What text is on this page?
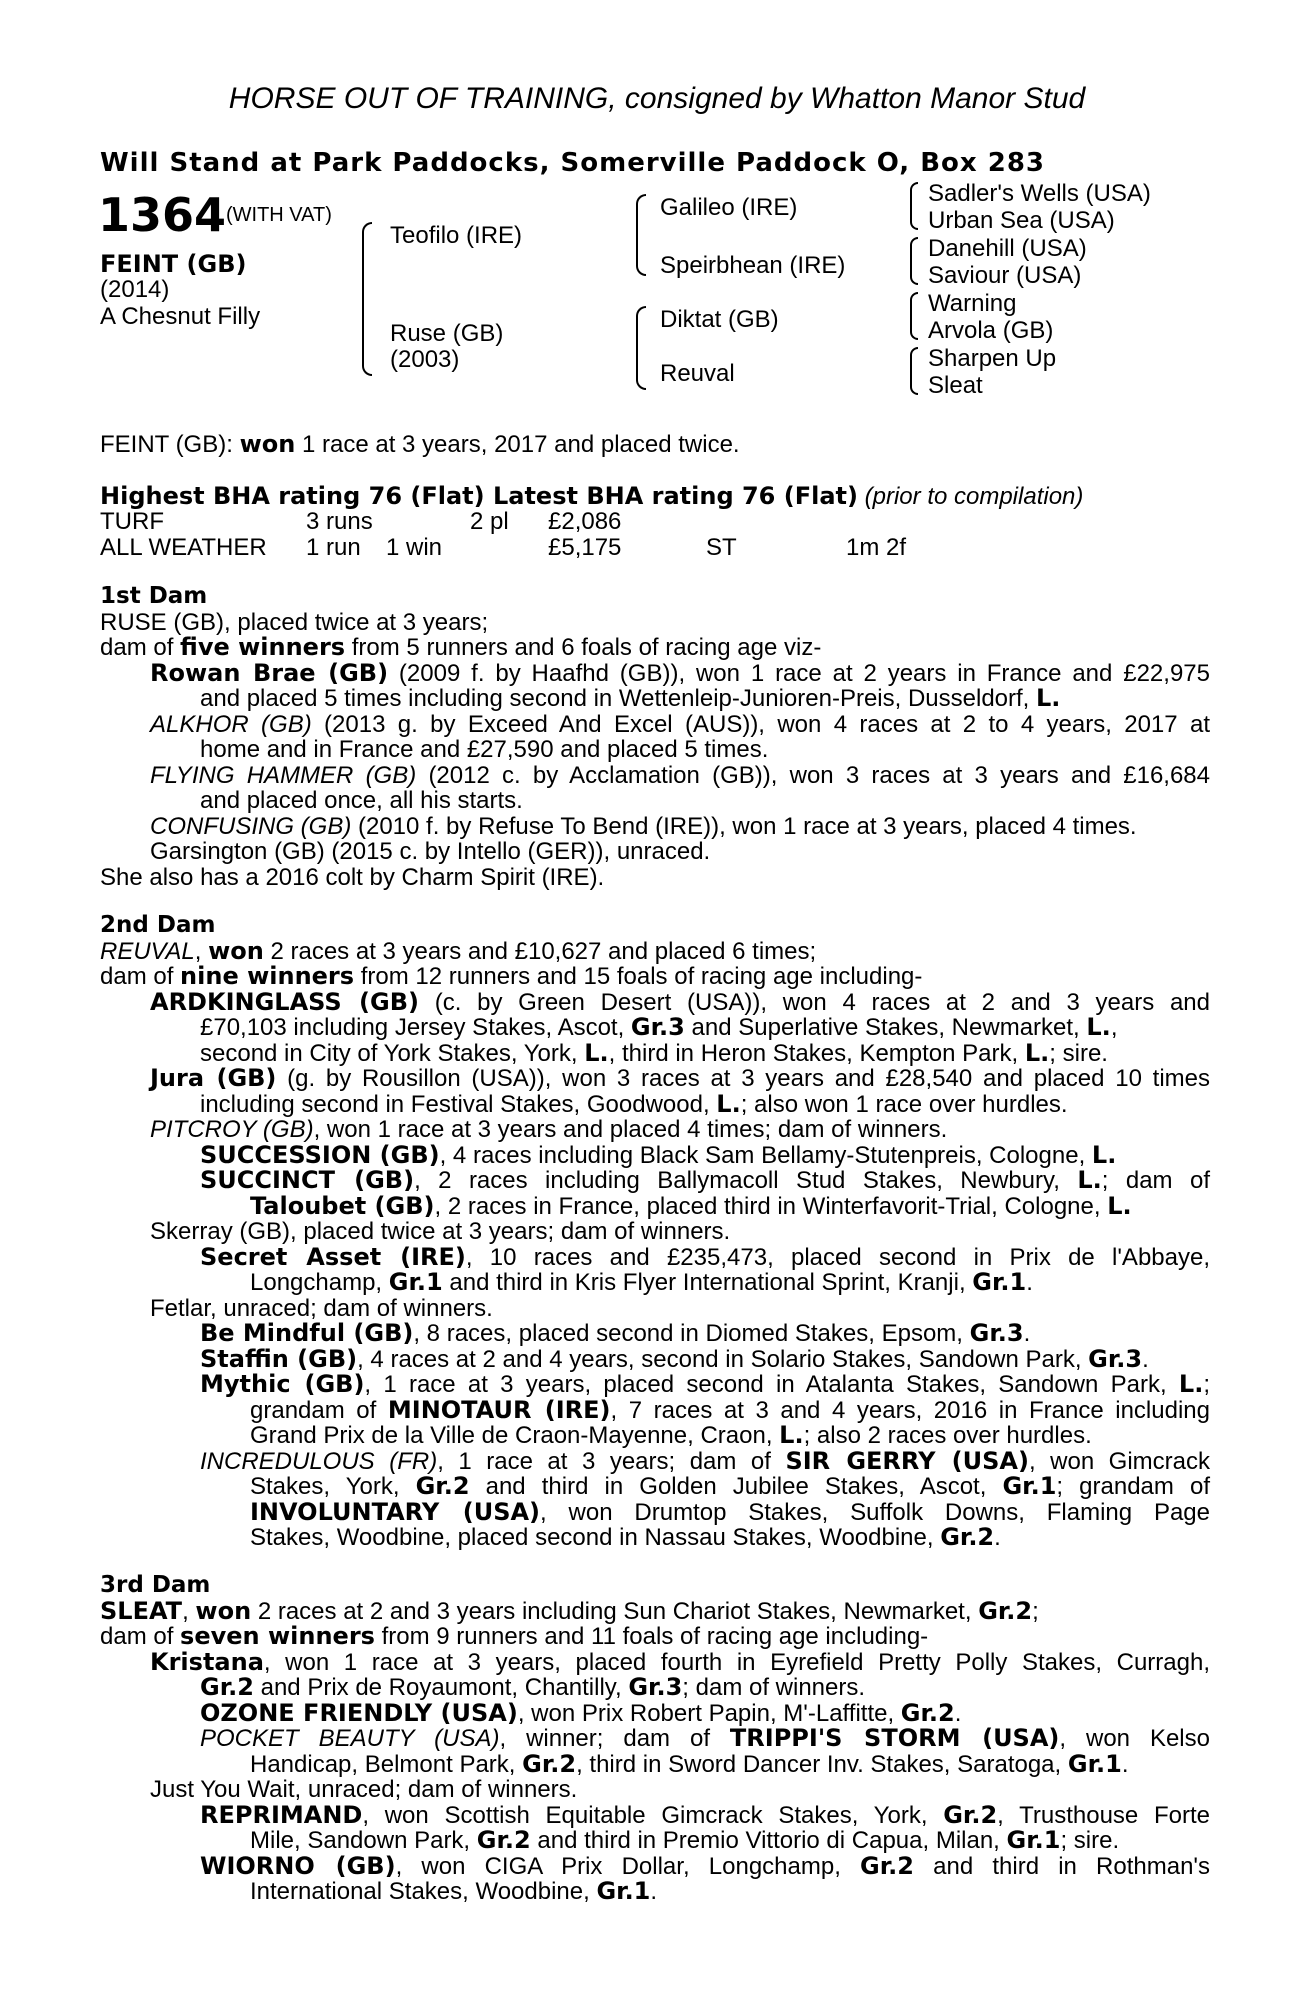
HORSE OUT OF TRAINING, consigned by Whatton Manor Stud
Will Stand at Park Paddocks, Somerville Paddock O, Box 283
1364 (WITH VAT)
FEINT (GB)
(2014)
A Chesnut Filly
Teofilo (IRE)
Ruse (GB)
(2003)
Galileo (IRE)
Speirbhean (IRE)
Diktat (GB)
Reuval
Sadler's Wells (USA)
Urban Sea (USA)
Danehill (USA)
Saviour (USA)
Warning
Arvola (GB)
Sharpen Up
Sleat
FEINT (GB): won 1 race at 3 years, 2017 and placed twice.
Highest BHA rating 76 (Flat) Latest BHA rating 76 (Flat) (prior to compilation)
TURF	3 runs	2 pl £2,086
ALL WEATHER 1 run 1 win	£5,175	ST	1m 2f
1st Dam
RUSE (GB), placed twice at 3 years;
dam of five winners from 5 runners and 6 foals of racing age viz-
Rowan Brae (GB) (2009 f. by Haafhd (GB)), won 1 race at 2 years in France and £22,975
and placed 5 times including second in Wettenleip-Junioren-Preis, Dusseldorf, L.
ALKHOR (GB) (2013 g. by Exceed And Excel (AUS)), won 4 races at 2 to 4 years, 2017 at
home and in France and £27,590 and placed 5 times.
FLYING HAMMER (GB) (2012 c. by Acclamation (GB)), won 3 races at 3 years and £16,684
and placed once, all his starts.
CONFUSING (GB) (2010 f. by Refuse To Bend (IRE)), won 1 race at 3 years, placed 4 times.
Garsington (GB) (2015 c. by Intello (GER)), unraced.
She also has a 2016 colt by Charm Spirit (IRE).
2nd Dam
REUVAL, won 2 races at 3 years and £10,627 and placed 6 times;
dam of nine winners from 12 runners and 15 foals of racing age including-
ARDKINGLASS (GB) (c. by Green Desert (USA)), won 4 races at 2 and 3 years and
£70,103 including Jersey Stakes, Ascot, Gr.3 and Superlative Stakes, Newmarket, L.,
second in City of York Stakes, York, L., third in Heron Stakes, Kempton Park, L.; sire.
Jura (GB) (g. by Rousillon (USA)), won 3 races at 3 years and £28,540 and placed 10 times
including second in Festival Stakes, Goodwood, L.; also won 1 race over hurdles.
PITCROY (GB), won 1 race at 3 years and placed 4 times; dam of winners.
SUCCESSION (GB), 4 races including Black Sam Bellamy-Stutenpreis, Cologne, L.
SUCCINCT (GB), 2 races including Ballymacoll Stud Stakes, Newbury, L.; dam of
Taloubet (GB), 2 races in France, placed third in Winterfavorit-Trial, Cologne, L.
Skerray (GB), placed twice at 3 years; dam of winners.
Secret Asset (IRE), 10 races and £235,473, placed second in Prix de l'Abbaye,
Longchamp, Gr.1 and third in Kris Flyer International Sprint, Kranji, Gr.1.
Fetlar, unraced; dam of winners.
Be Mindful (GB), 8 races, placed second in Diomed Stakes, Epsom, Gr.3.
Staffin (GB), 4 races at 2 and 4 years, second in Solario Stakes, Sandown Park, Gr.3.
Mythic (GB), 1 race at 3 years, placed second in Atalanta Stakes, Sandown Park, L.;
grandam of MINOTAUR (IRE), 7 races at 3 and 4 years, 2016 in France including
Grand Prix de la Ville de Craon-Mayenne, Craon, L.; also 2 races over hurdles.
INCREDULOUS (FR), 1 race at 3 years; dam of SIR GERRY (USA), won Gimcrack
Stakes, York, Gr.2 and third in Golden Jubilee Stakes, Ascot, Gr.1; grandam of
INVOLUNTARY (USA), won Drumtop Stakes, Suffolk Downs, Flaming Page
Stakes, Woodbine, placed second in Nassau Stakes, Woodbine, Gr.2.
3rd Dam
SLEAT, won 2 races at 2 and 3 years including Sun Chariot Stakes, Newmarket, Gr.2;
dam of seven winners from 9 runners and 11 foals of racing age including-
Kristana, won 1 race at 3 years, placed fourth in Eyrefield Pretty Polly Stakes, Curragh,
Gr.2 and Prix de Royaumont, Chantilly, Gr.3; dam of winners.
OZONE FRIENDLY (USA), won Prix Robert Papin, M'-Laffitte, Gr.2.
POCKET BEAUTY (USA), winner; dam of TRIPPI'S STORM (USA), won Kelso
Handicap, Belmont Park, Gr.2, third in Sword Dancer Inv. Stakes, Saratoga, Gr.1.
Just You Wait, unraced; dam of winners.
REPRIMAND, won Scottish Equitable Gimcrack Stakes, York, Gr.2, Trusthouse Forte
Mile, Sandown Park, Gr.2 and third in Premio Vittorio di Capua, Milan, Gr.1; sire.
WIORNO (GB), won CIGA Prix Dollar, Longchamp, Gr.2 and third in Rothman's
International Stakes, Woodbine, Gr.1.
